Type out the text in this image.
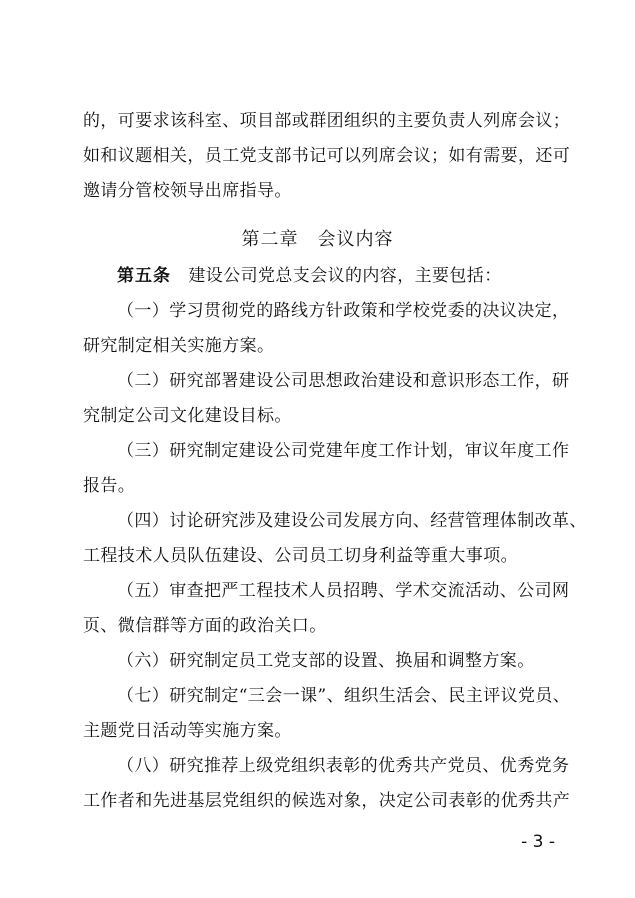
的，可要求该科室、项目部或群团组织的主要负责人列席会议；
如和议题相关，员工党支部书记可以列席会议；如有需要，还可
邀请分管校领导出席指导。

第二章　会议内容

第五条　建设公司党总支会议的内容，主要包括：

（一）学习贯彻党的路线方针政策和学校党委的决议决定，
研究制定相关实施方案。

（二）研究部署建设公司思想政治建设和意识形态工作，研
究制定公司文化建设目标。

（三）研究制定建设公司党建年度工作计划，审议年度工作
报告。

（四）讨论研究涉及建设公司发展方向、经营管理体制改革、
工程技术人员队伍建设、公司员工切身利益等重大事项。

（五）审查把严工程技术人员招聘、学术交流活动、公司网
页、微信群等方面的政治关口。

（六）研究制定员工党支部的设置、换届和调整方案。

（七）研究制定“三会一课”、组织生活会、民主评议党员、
主题党日活动等实施方案。

（八）研究推荐上级党组织表彰的优秀共产党员、优秀党务
工作者和先进基层党组织的候选对象，决定公司表彰的优秀共产

- 3 -
